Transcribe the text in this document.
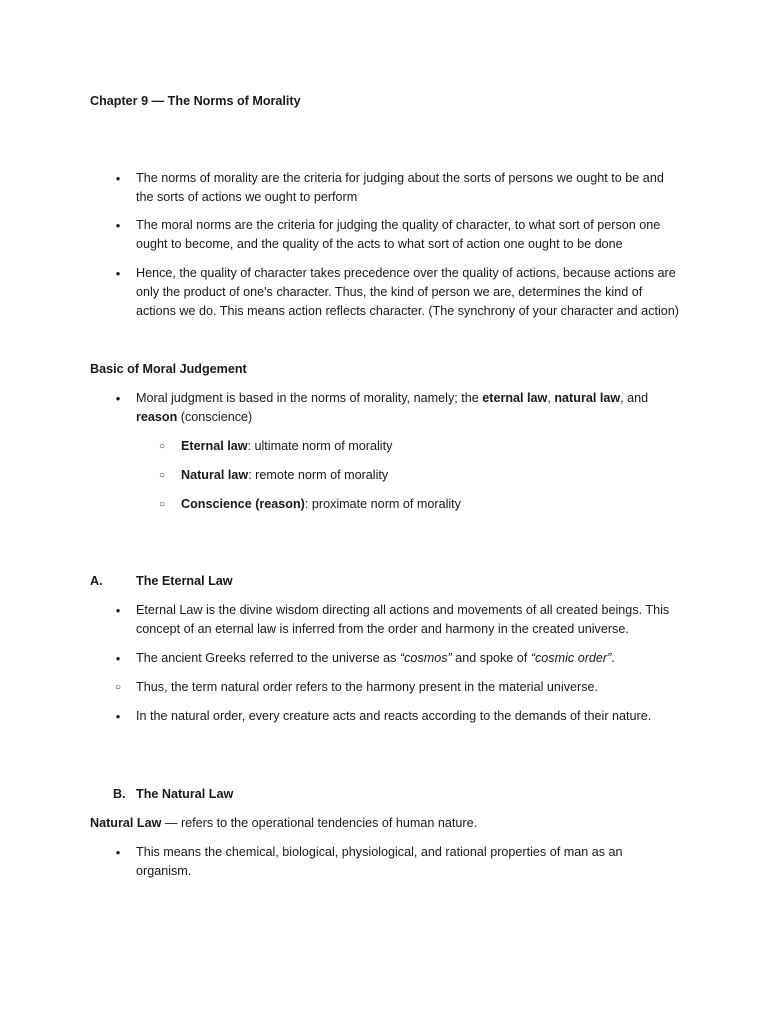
Chapter 9 — The Norms of Morality
• The norms of morality are the criteria for judging about the sorts of persons we ought to be and the sorts of actions we ought to perform
• The moral norms are the criteria for judging the quality of character, to what sort of person one ought to become, and the quality of the acts to what sort of action one ought to be done
• Hence, the quality of character takes precedence over the quality of actions, because actions are only the product of one's character. Thus, the kind of person we are, determines the kind of actions we do. This means action reflects character. (The synchrony of your character and action)
Basic of Moral Judgement
• Moral judgment is based in the norms of morality, namely; the eternal law, natural law, and
reason (conscience)
○ Eternal law: ultimate norm of morality
○ Natural law: remote norm of morality
○ Conscience (reason): proximate norm of morality
A.	The Eternal Law
• Eternal Law is the divine wisdom directing all actions and movements of all created beings. This concept of an eternal law is inferred from the order and harmony in the created universe.
• The ancient Greeks referred to the universe as “cosmos” and spoke of “cosmic order”.
○ Thus, the term natural order refers to the harmony present in the material universe.
• In the natural order, every creature acts and reacts according to the demands of their nature.
B. The Natural Law
Natural Law — refers to the operational tendencies of human nature.
• This means the chemical, biological, physiological, and rational properties of man as an organism.
